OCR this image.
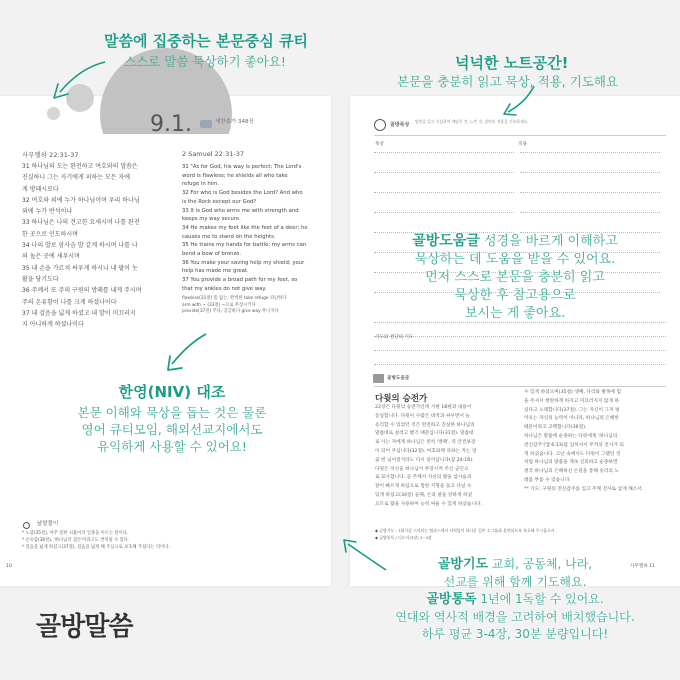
9.1.	새찬송가 348장
사무엘하 22:31-37	2 Samuel 22:31-37
31 하나님의 도는 완전하고 여호와의 말씀은
진실하니 그는 자기에게 피하는 모든 자에
게 방패시로다
32 여호와 외에 누가 하나님이며 우리 하나님
외에 누가 반석이냐
33 하나님은 나의 견고한 요새시며 나를 완전
한 곳으로 인도하시며
34 나의 발로 암사슴 발 같게 하시며 나를 나
의 높은 곳에 세우시며
35 내 손을 가르쳐 싸우게 하시니 내 팔이 놋
활을 당기도다
36 주께서 또 주의 구원의 방패를 내게 주시며
주의 온유함이 나를 크게 하셨나이다
37 내 걸음을 넓게 하셨고 내 발이 미끄러지
지 아니하게 하셨나이다
31 "As for God, his way is perfect: The Lord's
word is flawless; he shields all who take
refuge in him.
32 For who is God besides the Lord? And who
is the Rock except our God?
33 It is God who arms me with strength and
keeps my way secure.
34 He makes my feet like the feet of a deer; he
causes me to stand on the heights.
35 He trains my hands for battle; my arms can
bend a bow of bronze.
36 You make your saving help my shield; your
help has made me great.
37 You provide a broad path for my feet, so
that my ankles do not give way.
flawless(31절) 흠 없는, 완벽한 take refuge 피난하다
arm with ~ (33절) ~으로 무장시키다
provide(37절) 주다, 공급하다 give way 무너지다
낱말풀이
* 노함(35절), 아주 질한 쇠붙이의 일종을 이르는 말이다.
* 온유함(36절), '하나님의 겸손'이라고도 번역될 수 있다.
* 걸음을 넓게 하셨고(37절), 걸음을 넓게 해 주심으로 보호해 주셨다는 의미다.
10
골방묵상
말씀을 읽고 묵상하며 깨달은 것, 느낀 것, 결단과 적용을 기록하세요.
묵상	적용
기도와 결단의 기도
골방도움글
다윗의 승전가
22장은 다윗의 승전가인데 시편 18편과 내용이
동일합니다. 다윗이 수많은 대적과 싸우면서 늘
승리할 수 있었던 것은 완전하고 진실한 하나님의
말씀대로 살려고 했기 때문입니다(31절). 말씀대
로 사는 자에게 하나님은 친히 '방패', 즉 안전보장
이 되어 주십니다(32절). 여호와께 피하는 자는 일
곱 번 넘어질지라도 다시 일어납니다(잠 24:16).
다윗은 자신을 하나님이 무장시켜 주신 군인으
로 묘사합니다. 곧 주께서 자신의 발을 암사슴과
같이 빠르게 하심으로 험한 지형을 돌고 다닐 수
있게 하셨고(34절) 둘째, 손과 팔을 강하게 하셨
으므로 활을 사용하여 능히 싸울 수 있게 하셨습니다.
수 있게 하셨으며(35절) 셋째, 다리와 발목에 힘
을 주셔서 쌍란하게 하지고 미끄러지지 않게 하
셨다고 노래합니다(37절). 그는 자신이 그저 평
이유는 자신의 능력이 아니라, 하나님의 은혜한
때문이라고 고백합니다(36절).
하나님은 말씀에 순종하는 다윗에게 '하나님의
전신갑주'(엡 6:13)를 입히셔서 무적의 전사가 되
게 하셨습니다. 고난 속에서도 다윗이 그랬던 것
처럼 하나님의 말씀을 계속 신뢰하고 순종하면
결국 하나님의 은혜하신 손길을 통해 승리의 노
래를 부를 수 있습니다.
** 기도: 구원의 전신갑주를 입고 주께 전사로 삼게 해소서.
◆ 골방기도 : 7회기실 시작되는 캠퍼스에서 사역입이 하다운 일본 소그룹과 훈련되도록 보호해 주시옵소서.
◆ 골방통독 / 디도서(3장) 1~4장
사무엘하 11
말씀에 집중하는 본문중심 큐티
스스로 말씀 묵상하기 좋아요!	넉넉한 노트공간!
본문을 충분히 읽고 묵상, 적용, 기도해요
골방도움글 성경을 바르게 이해하고
묵상하는 데 도움을 받을 수 있어요.
먼저 스스로 본문을 충분히 읽고
묵상한 후 참고용으로
보시는 게 좋아요.
한영(NIV) 대조
본문 이해와 묵상을 돕는 것은 물론
영어 큐티모임, 해외선교지에서도
유익하게 사용할 수 있어요!
골방기도 교회, 공동체, 나라,
선교를 위해 함께 기도해요.
골방통독 1년에 1독할 수 있어요.
연대와 역사적 배경을 고려하여 배치했습니다.
하루 평균 3-4장, 30분 분량입니다!
골방말씀
